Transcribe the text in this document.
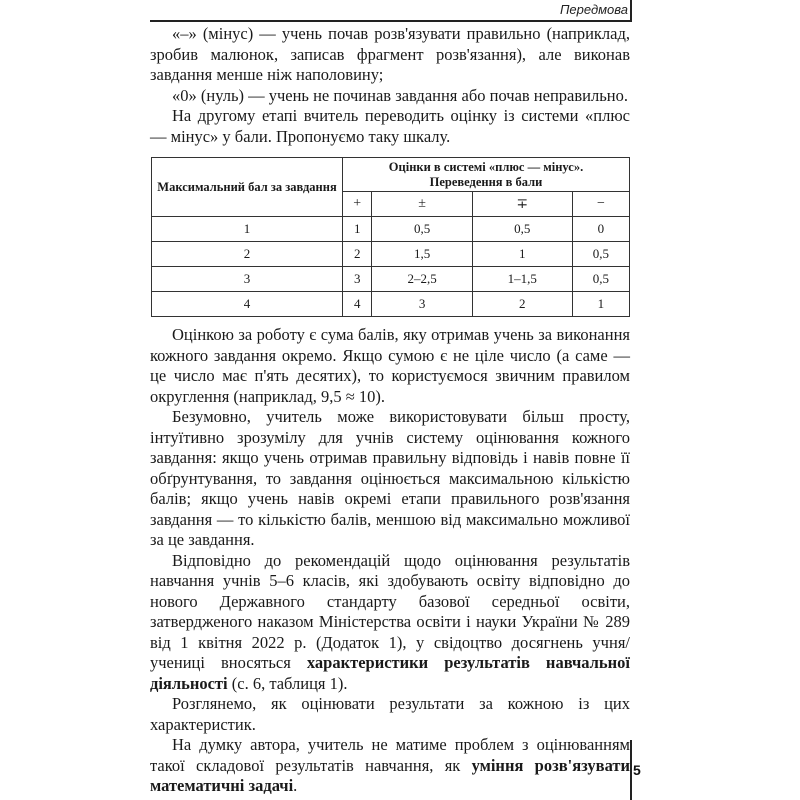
Передмова

«–» (мінус) — учень почав розв'язувати правильно (наприклад, зробив малюнок, записав фрагмент розв'язання), але виконав завдання менше ніж наполовину;

«0» (нуль) — учень не починав завдання або почав неправильно.

На другому етапі вчитель переводить оцінку із системи «плюс — мінус» у бали. Пропонуємо таку шкалу.

Максимальний бал за завдання	Оцінки в системі «плюс — мінус».
Переведення в бали			
	+	±	∓	−
1	1	0,5	0,5	0
2	2	1,5	1	0,5
3	3	2–2,5	1–1,5	0,5
4	4	3	2	1

Оцінкою за роботу є сума балів, яку отримав учень за виконання кожного завдання окремо. Якщо сумою є не ціле число (а саме — це число має п'ять десятих), то користуємося звичним правилом округлення (наприклад, 9,5 ≈ 10).

Безумовно, учитель може використовувати більш просту, інтуїтивно зрозумілу для учнів систему оцінювання кожного завдання: якщо учень отримав правильну відповідь і навів повне її обґрунтування, то завдання оцінюється максимальною кількістю балів; якщо учень навів окремі етапи правильного розв'язання завдання — то кількістю балів, меншою від максимально можливої за це завдання.

Відповідно до рекомендацій щодо оцінювання результатів навчання учнів 5–6 класів, які здобувають освіту відповідно до нового Державного стандарту базової середньої освіти, затвердженого наказом Міністерства освіти і науки України № 289 від 1 квітня 2022 р. (Додаток 1), у свідоцтво досягнень учня/учениці вносяться характеристики результатів навчальної діяльності (с. 6, таблиця 1).

Розглянемо, як оцінювати результати за кожною із цих характеристик.

На думку автора, учитель не матиме проблем з оцінюванням такої складової результатів навчання, як уміння розв'язувати математичні задачі.

5
